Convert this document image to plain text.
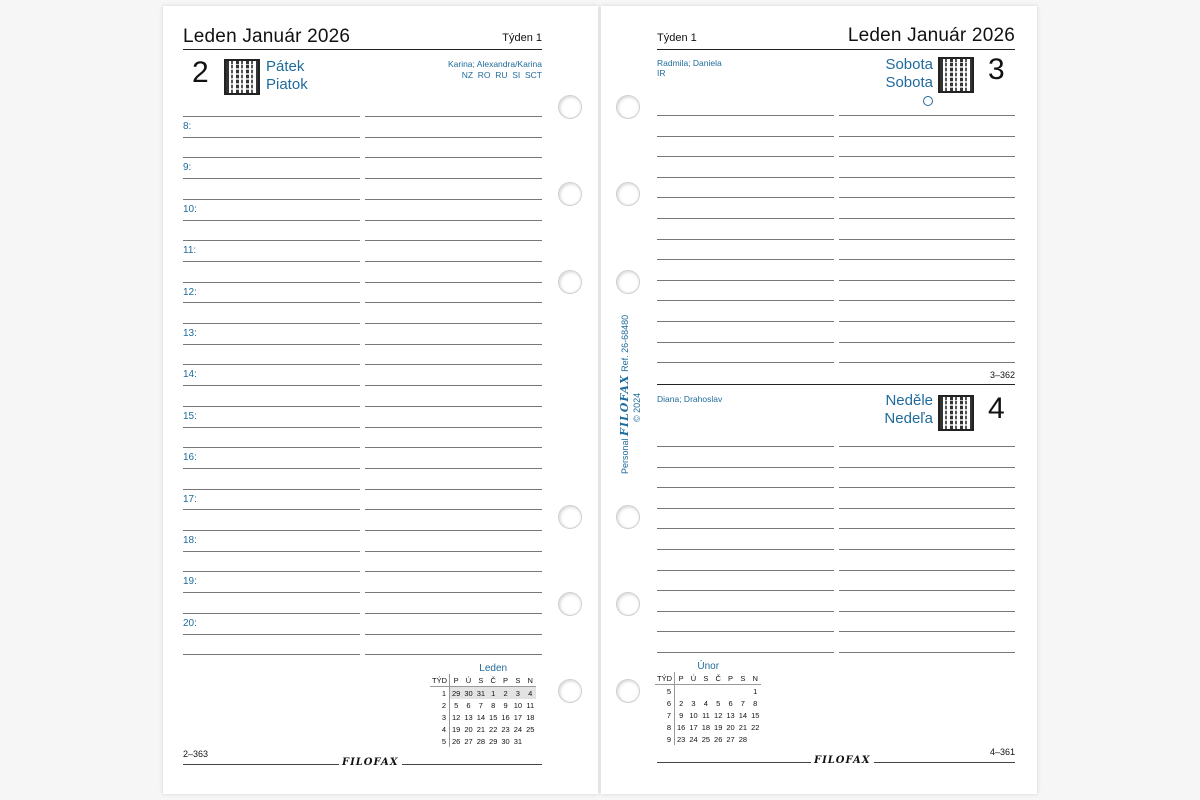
Leden Január 2026	Týden 1
2	Pátek
Piatok
Karina; Alexandra/Karina
NZ  RO  RU  SI  SCT
8:
9:
10:
11:
12:
13:
14:
15:
16:
17:
18:
19:
20:
Leden
TÝD	P	Ú	S	Č	P	S	N
1	29	30	31	1	2	3	4
2	5	6	7	8	9	10	11
3	12	13	14	15	16	17	18
4	19	20	21	22	23	24	25
5	26	27	28	29	30	31	
2–363
FILOFAX
Týden 1	Leden Január 2026
Radmila; Daniela
IR	Sobota
Sobota 3
3–362
Diana; Drahoslav	Neděle
Nedeľa 4
Únor
TÝD	P	Ú	S	Č	P	S	N
5							1
6	2	3	4	5	6	7	8
7	9	10	11	12	13	14	15
8	16	17	18	19	20	21	22
9	23	24	25	26	27	28	
4–361
FILOFAX
Personal FILOFAX Ref. 26-68480
© 2024
